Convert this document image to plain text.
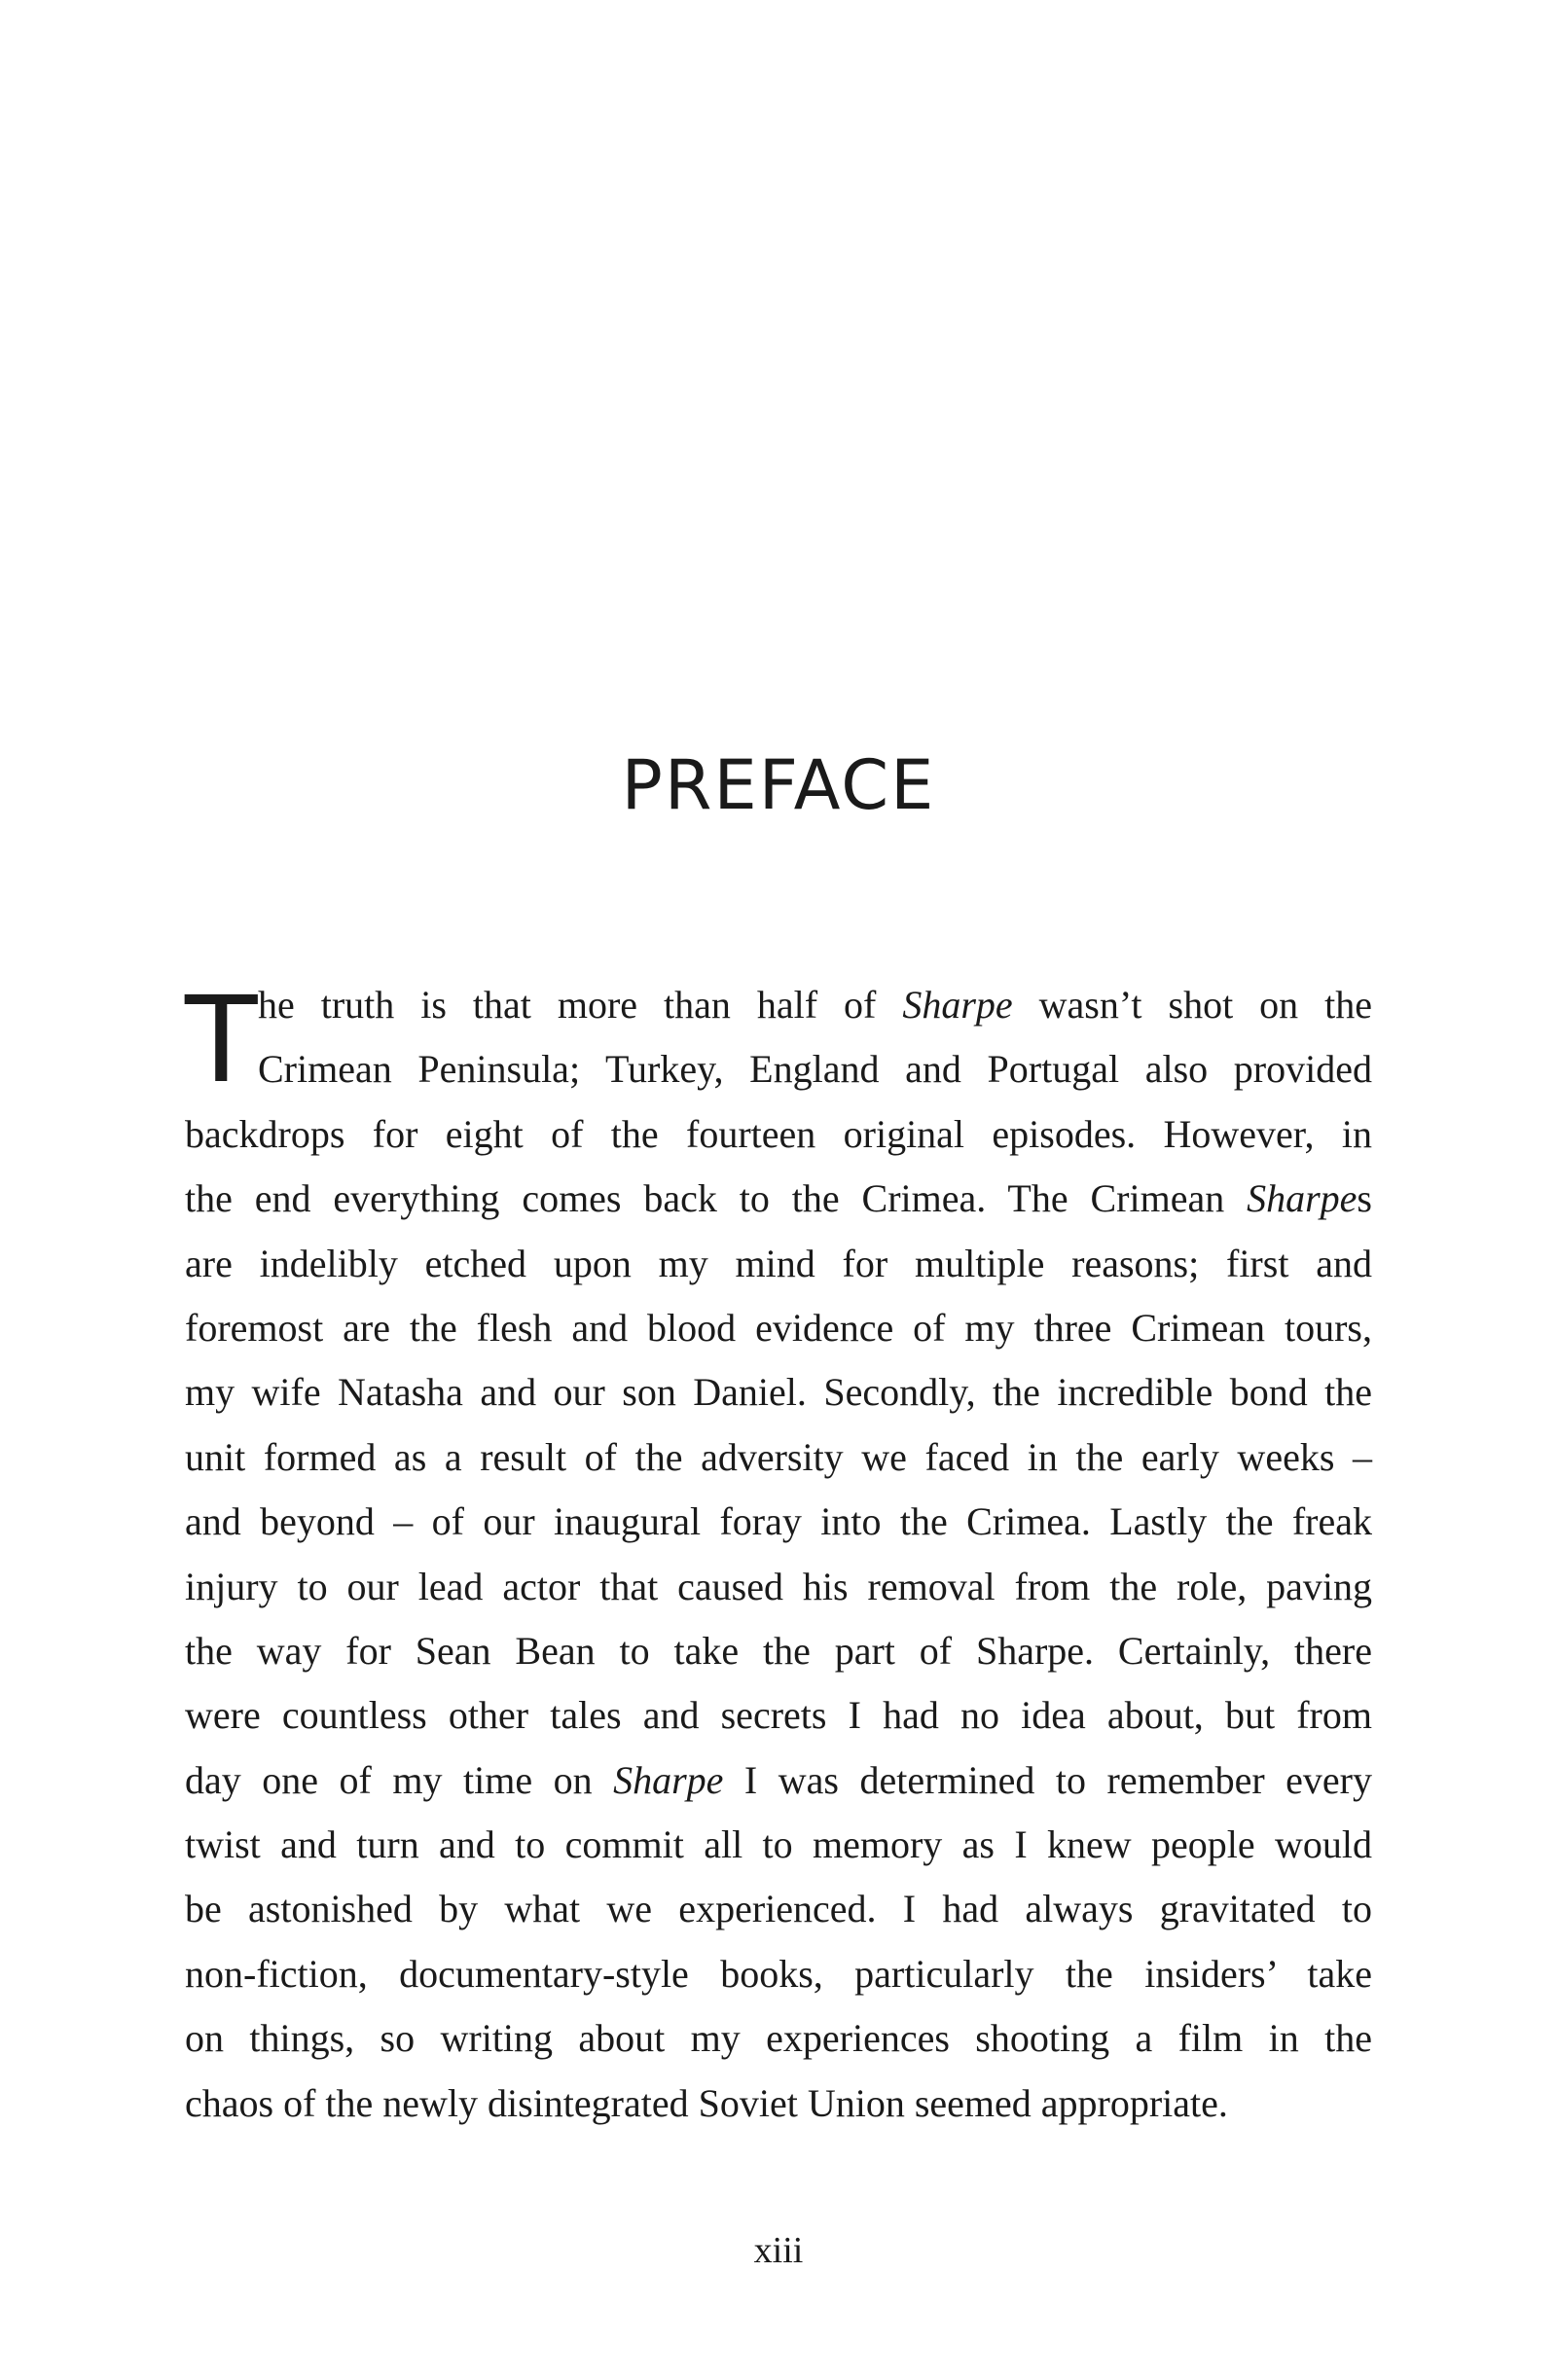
PREFACE
T he truth is that more than half of Sharpe wasn’t shot on the
Crimean Peninsula; Turkey, England and Portugal also provided
backdrops for eight of the fourteen original episodes. However, in
the end everything comes back to the Crimea. The Crimean Sharpes
are indelibly etched upon my mind for multiple reasons; first and
foremost are the flesh and blood evidence of my three Crimean tours,
my wife Natasha and our son Daniel. Secondly, the incredible bond the
unit formed as a result of the adversity we faced in the early weeks –
and beyond – of our inaugural foray into the Crimea. Lastly the freak
injury to our lead actor that caused his removal from the role, paving
the way for Sean Bean to take the part of Sharpe. Certainly, there
were countless other tales and secrets I had no idea about, but from
day one of my time on Sharpe I was determined to remember every
twist and turn and to commit all to memory as I knew people would
be astonished by what we experienced. I had always gravitated to
non-fiction, documentary-style books, particularly the insiders’ take
on things, so writing about my experiences shooting a film in the
chaos of the newly disintegrated Soviet Union seemed appropriate.
xiii
